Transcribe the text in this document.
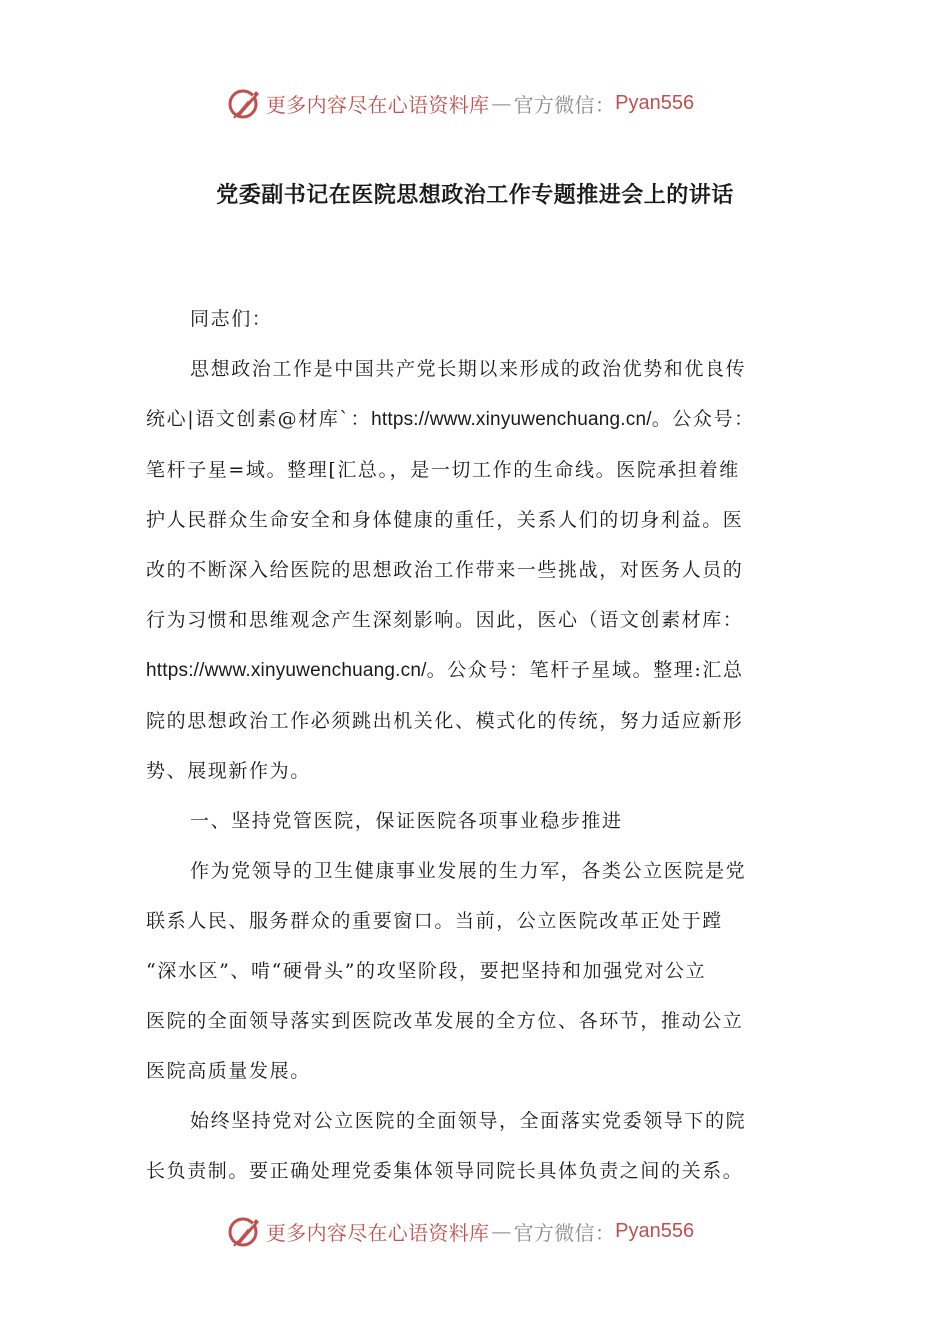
更多内容尽在心语资料库 — 官方微信： Pyan556
党委副书记在医院思想政治工作专题推进会上的讲话

同志们：

思想政治工作是中国共产党长期以来形成的政治优势和优良传

统心|语文创素@材库`：https://www.xinyuwenchuang.cn/。公众号：

笔杆子星=域。整理[汇总。，是一切工作的生命线。医院承担着维

护人民群众生命安全和身体健康的重任，关系人们的切身利益。医

改的不断深入给医院的思想政治工作带来一些挑战，对医务人员的

行为习惯和思维观念产生深刻影响。因此，医心（语文创素材库：

https://www.xinyuwenchuang.cn/。公众号：笔杆子星域。整理:汇总

院的思想政治工作必须跳出机关化、模式化的传统，努力适应新形

势、展现新作为。

一、坚持党管医院，保证医院各项事业稳步推进

作为党领导的卫生健康事业发展的生力军，各类公立医院是党

联系人民、服务群众的重要窗口。当前，公立医院改革正处于蹚

“深水区”、啃“硬骨头”的攻坚阶段，要把坚持和加强党对公立

医院的全面领导落实到医院改革发展的全方位、各环节，推动公立

医院高质量发展。

始终坚持党对公立医院的全面领导，全面落实党委领导下的院

长负责制。要正确处理党委集体领导同院长具体负责之间的关系。

更多内容尽在心语资料库 — 官方微信： Pyan556
